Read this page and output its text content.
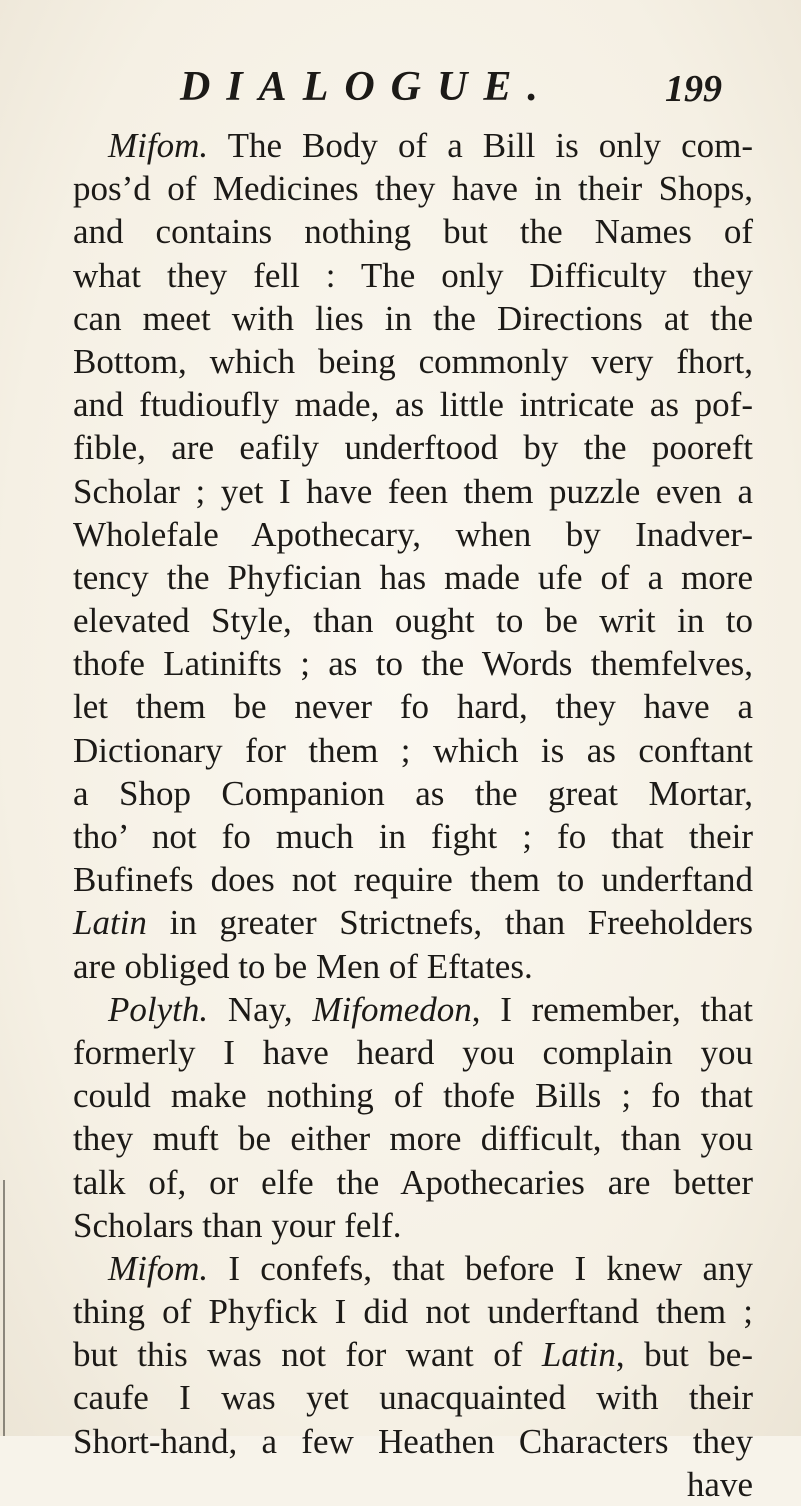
DIALOGUE.	199
Mifom. The Body of a Bill is only com-
pos’d of Medicines they have in their Shops,
and contains nothing but the Names of
what they fell : The only Difficulty they
can meet with lies in the Directions at the
Bottom, which being commonly very fhort,
and ftudioufly made, as little intricate as pof-
fible, are eafily underftood by the pooreft
Scholar ; yet I have feen them puzzle even a
Wholefale Apothecary, when by Inadver-
tency the Phyfician has made ufe of a more
elevated Style, than ought to be writ in to
thofe Latinifts ; as to the Words themfelves,
let them be never fo hard, they have a
Dictionary for them ; which is as conftant
a Shop Companion as the great Mortar,
tho’ not fo much in fight ; fo that their
Bufinefs does not require them to underftand
Latin in greater Strictnefs, than Freeholders
are obliged to be Men of Eftates.
Polyth. Nay, Mifomedon, I remember, that
formerly I have heard you complain you
could make nothing of thofe Bills ; fo that
they muft be either more difficult, than you
talk of, or elfe the Apothecaries are better
Scholars than your felf.
Mifom. I confefs, that before I knew any
thing of Phyfick I did not underftand them ;
but this was not for want of Latin, but be-
caufe I was yet unacquainted with their
Short-hand, a few Heathen Characters they
have
